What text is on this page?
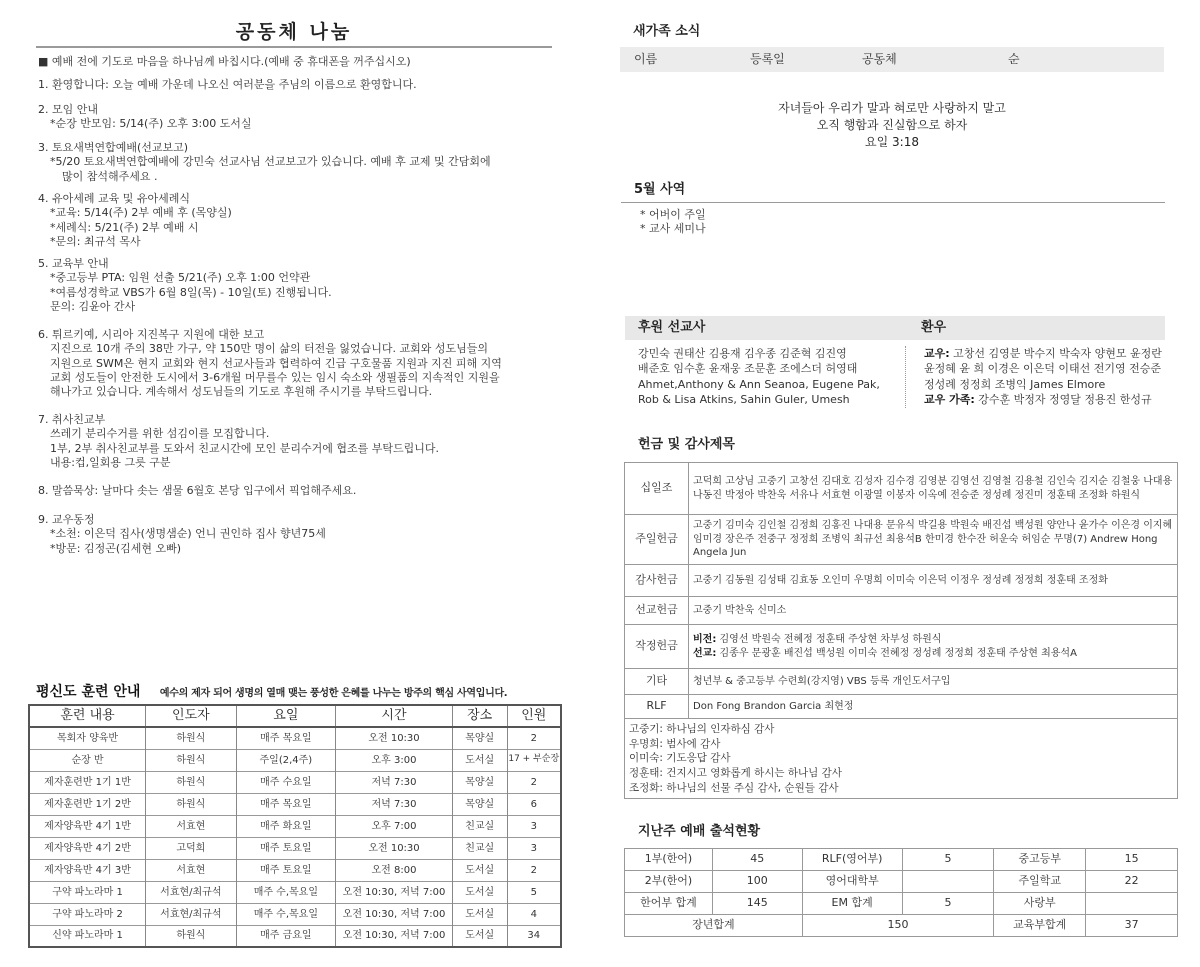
공동체 나눔
■ 예배 전에 기도로 마음을 하나님께 바칩시다.(예배 중 휴대폰을 꺼주십시오)
1. 환영합니다: 오늘 예배 가운데 나오신 여러분을 주님의 이름으로 환영합니다.
2. 모임 안내
*순장 반모임: 5/14(주) 오후 3:00 도서실
3. 토요새벽연합예배(선교보고)
*5/20 토요새벽연합예배에 강민숙 선교사님 선교보고가 있습니다. 예배 후 교제 및 간담회에
많이 참석해주세요 .
4. 유아세례 교육 및 유아세례식
*교육: 5/14(주) 2부 예배 후 (목양실)
*세례식: 5/21(주) 2부 예배 시
*문의: 최규석 목사
5. 교육부 안내
*중고등부 PTA: 임원 선출 5/21(주) 오후 1:00 언약관
*여름성경학교 VBS가 6월 8일(목) - 10일(토) 진행됩니다.
문의: 김윤아 간사
6. 튀르키예, 시리아 지진복구 지원에 대한 보고
지진으로 10개 주의 38만 가구, 약 150만 명이 삶의 터전을 잃었습니다. 교회와 성도님들의
지원으로 SWM은 현지 교회와 현지 선교사들과 협력하여 긴급 구호물품 지원과 지진 피해 지역
교회 성도들이 안전한 도시에서 3-6개월 머무를수 있는 임시 숙소와 생필품의 지속적인 지원을
해나가고 있습니다. 계속해서 성도님들의 기도로 후원해 주시기를 부탁드립니다.
7. 취사친교부
쓰레기 분리수거를 위한 섬김이를 모집합니다.
1부, 2부 취사친교부를 도와서 친교시간에 모인 분리수거에 협조를 부탁드립니다.
내용:컵,일회용 그릇 구분
8. 말씀묵상: 날마다 솟는 샘물 6월호 본당 입구에서 픽업해주세요.
9. 교우동정
*소천: 이은덕 집사(생명샘순) 언니 권인하 집사 향년75세
*방문: 김정곤(김세현 오빠)
평신도 훈련 안내 예수의 제자 되어 생명의 열매 맺는 풍성한 은혜를 나누는 방주의 핵심 사역입니다.
훈련 내용	인도자	요일	시간	장소	인원
목회자 양육반	하원식	매주 목요일	오전 10:30	목양실	2
순장 반	하원식	주일(2,4주)	오후 3:00	도서실	17 + 부순장
제자훈련반 1기 1반	하원식	매주 수요일	저녁 7:30	목양실	2
제자훈련반 1기 2반	하원식	매주 목요일	저녁 7:30	목양실	6
제자양육반 4기 1반	서효현	매주 화요일	오후 7:00	친교실	3
제자양육반 4기 2반	고덕희	매주 토요일	오전 10:30	친교실	3
제자양육반 4기 3반	서효현	매주 토요일	오전 8:00	도서실	2
구약 파노라마 1	서효현/최규석	매주 수,목요일	오전 10:30, 저녁 7:00	도서실	5
구약 파노라마 2	서효현/최규석	매주 수,목요일	오전 10:30, 저녁 7:00	도서실	4
신약 파노라마 1	하원식	매주 금요일	오전 10:30, 저녁 7:00	도서실	34
새가족 소식
이름	등록일	공동체	순
자녀들아 우리가 말과 혀로만 사랑하지 말고
오직 행함과 진실함으로 하자
요일 3:18
5월 사역
* 어버이 주일
* 교사 세미나
후원 선교사	환우
강민숙 권태산 김용재 김우종 김준혁 김진영
배준호 임수훈 윤재웅 조문훈 조에스더 허영태
Ahmet,Anthony & Ann Seanoa, Eugene Pak,
Rob & Lisa Atkins, Sahin Guler, Umesh
교우: 고창선 김영분 박수지 박숙자 양현모 윤정란
윤정혜 윤 희 이경은 이은덕 이태선 전기영 전승준
정성례 정정희 조병익 James Elmore
교우 가족: 강수훈 박정자 정영달 정용진 한성규
헌금 및 감사제목
십일조	고덕희 고상님 고중기 고창선 김대호 김성자 김수경 김영분 김영선 김영철 김용철 김인숙 김지순 김철웅 나대용 나동진 박정아 박찬욱 서유나 서효현 이광열 이봉자 이옥예 전승준 정성례 정진미 정훈태 조정화 하원식
주일헌금	고중기 김미숙 김인철 김정희 김홍진 나대용 문유식 박길용 박원숙 배진섭 백성원 양안나 윤가수 이은경 이지혜 임미경 장은주 전중구 정정희 조병익 최규선 최용석B 한미경 한수잔 허운숙 허임순 무명(7) Andrew Hong Angela Jun
감사헌금	고중기 김동원 김성태 김효동 오인미 우명희 이미숙 이은덕 이정우 정성례 정정희 정훈태 조정화
선교헌금	고중기 박찬욱 신미소
작정헌금	비전: 김영선 박원숙 전혜정 정훈태 주상현 차부성 하원식
선교: 김종우 문광훈 배진섭 백성원 이미숙 전혜정 정성례 정정희 정훈태 주상현 최용석A

기타	청년부 & 중고등부 수련회(강지영) VBS 등록 개인도서구입
RLF	Don Fong Brandon Garcia 최현정

고중기: 하나님의 인자하심 감사
우명희: 범사에 감사
이미숙: 기도응답 감사
정훈태: 건지시고 영화롭게 하시는 하나님 감사
조정화: 하나님의 선물 주심 감사, 순원들 감사	
지난주 예배 출석현황
1부(한어)	45	RLF(영어부)	5	중고등부	15
2부(한어)	100	영어대학부		주일학교	22
한어부 합계	145	EM 합계	5	사랑부	
장년합계		150		교육부합계	37
